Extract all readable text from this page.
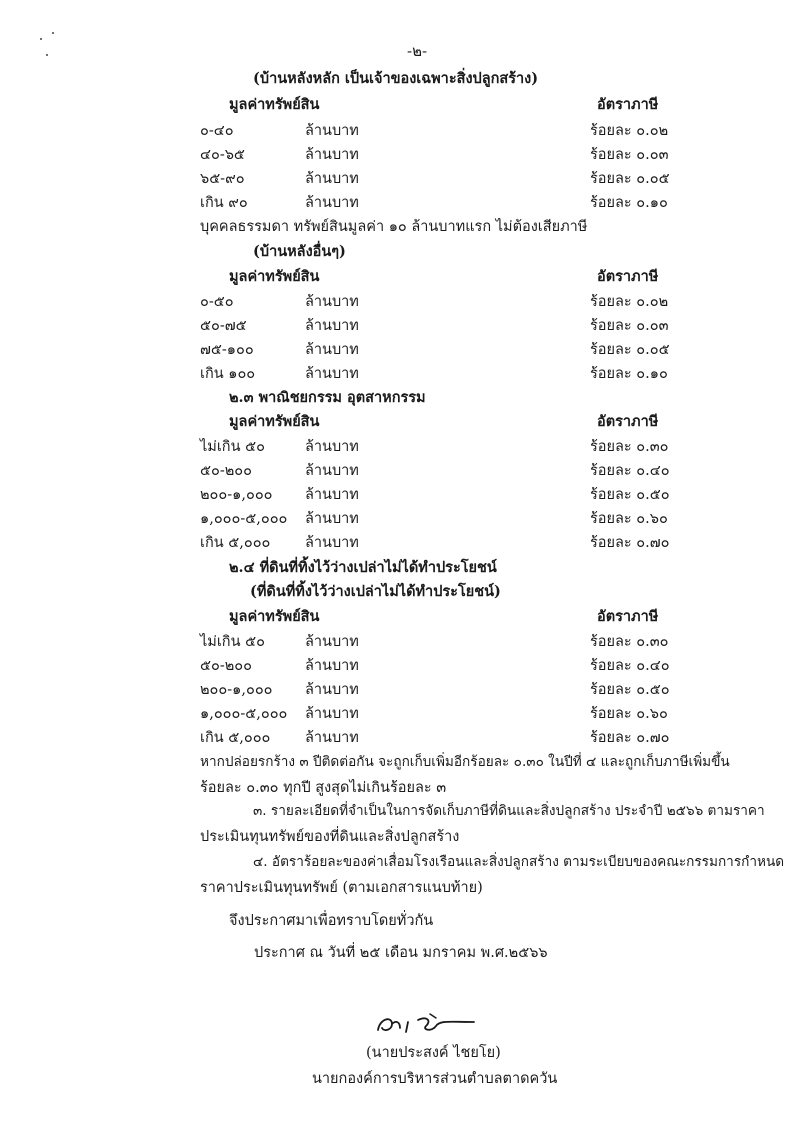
-๒-
(บ้านหลังหลัก เป็นเจ้าของเฉพาะสิ่งปลูกสร้าง)
มูลค่าทรัพย์สิน	อัตราภาษี
๐-๔๐	ล้านบาท	ร้อยละ ๐.๐๒
๔๐-๖๕	ล้านบาท	ร้อยละ ๐.๐๓
๖๕-๙๐	ล้านบาท	ร้อยละ ๐.๐๕
เกิน ๙๐	ล้านบาท	ร้อยละ ๐.๑๐
บุคคลธรรมดา ทรัพย์สินมูลค่า ๑๐ ล้านบาทแรก ไม่ต้องเสียภาษี
(บ้านหลังอื่นๆ)
มูลค่าทรัพย์สิน	อัตราภาษี
๐-๕๐	ล้านบาท	ร้อยละ ๐.๐๒
๕๐-๗๕	ล้านบาท	ร้อยละ ๐.๐๓
๗๕-๑๐๐	ล้านบาท	ร้อยละ ๐.๐๕
เกิน ๑๐๐	ล้านบาท	ร้อยละ ๐.๑๐
๒.๓ พาณิชยกรรม อุตสาหกรรม
มูลค่าทรัพย์สิน	อัตราภาษี
ไม่เกิน ๕๐	ล้านบาท	ร้อยละ ๐.๓๐
๕๐-๒๐๐	ล้านบาท	ร้อยละ ๐.๔๐
๒๐๐-๑,๐๐๐ ล้านบาท	ร้อยละ ๐.๕๐
๑,๐๐๐-๕,๐๐๐ ล้านบาท	ร้อยละ ๐.๖๐
เกิน ๕,๐๐๐ ล้านบาท	ร้อยละ ๐.๗๐
๒.๔ ที่ดินที่ทิ้งไว้ว่างเปล่าไม่ได้ทำประโยชน์
(ที่ดินที่ทิ้งไว้ว่างเปล่าไม่ได้ทำประโยชน์)
มูลค่าทรัพย์สิน	อัตราภาษี
ไม่เกิน ๕๐	ล้านบาท	ร้อยละ ๐.๓๐
๕๐-๒๐๐	ล้านบาท	ร้อยละ ๐.๔๐
๒๐๐-๑,๐๐๐ ล้านบาท	ร้อยละ ๐.๕๐
๑,๐๐๐-๕,๐๐๐ ล้านบาท	ร้อยละ ๐.๖๐
เกิน ๕,๐๐๐ ล้านบาท	ร้อยละ ๐.๗๐
หากปล่อยรกร้าง ๓ ปีติดต่อกัน จะถูกเก็บเพิ่มอีกร้อยละ ๐.๓๐ ในปีที่ ๔ และถูกเก็บภาษีเพิ่มขึ้น
ร้อยละ ๐.๓๐ ทุกปี สูงสุดไม่เกินร้อยละ ๓
๓. รายละเอียดที่จำเป็นในการจัดเก็บภาษีที่ดินและสิ่งปลูกสร้าง ประจำปี ๒๕๖๖ ตามราคา
ประเมินทุนทรัพย์ของที่ดินและสิ่งปลูกสร้าง
๔. อัตราร้อยละของค่าเสื่อมโรงเรือนและสิ่งปลูกสร้าง ตามระเบียบของคณะกรรมการกำหนด
ราคาประเมินทุนทรัพย์ (ตามเอกสารแนบท้าย)
จึงประกาศมาเพื่อทราบโดยทั่วกัน
ประกาศ ณ วันที่ ๒๕ เดือน มกราคม พ.ศ.๒๕๖๖
(นายประสงค์ ไชยโย)
นายกองค์การบริหารส่วนตำบลตาดควัน
